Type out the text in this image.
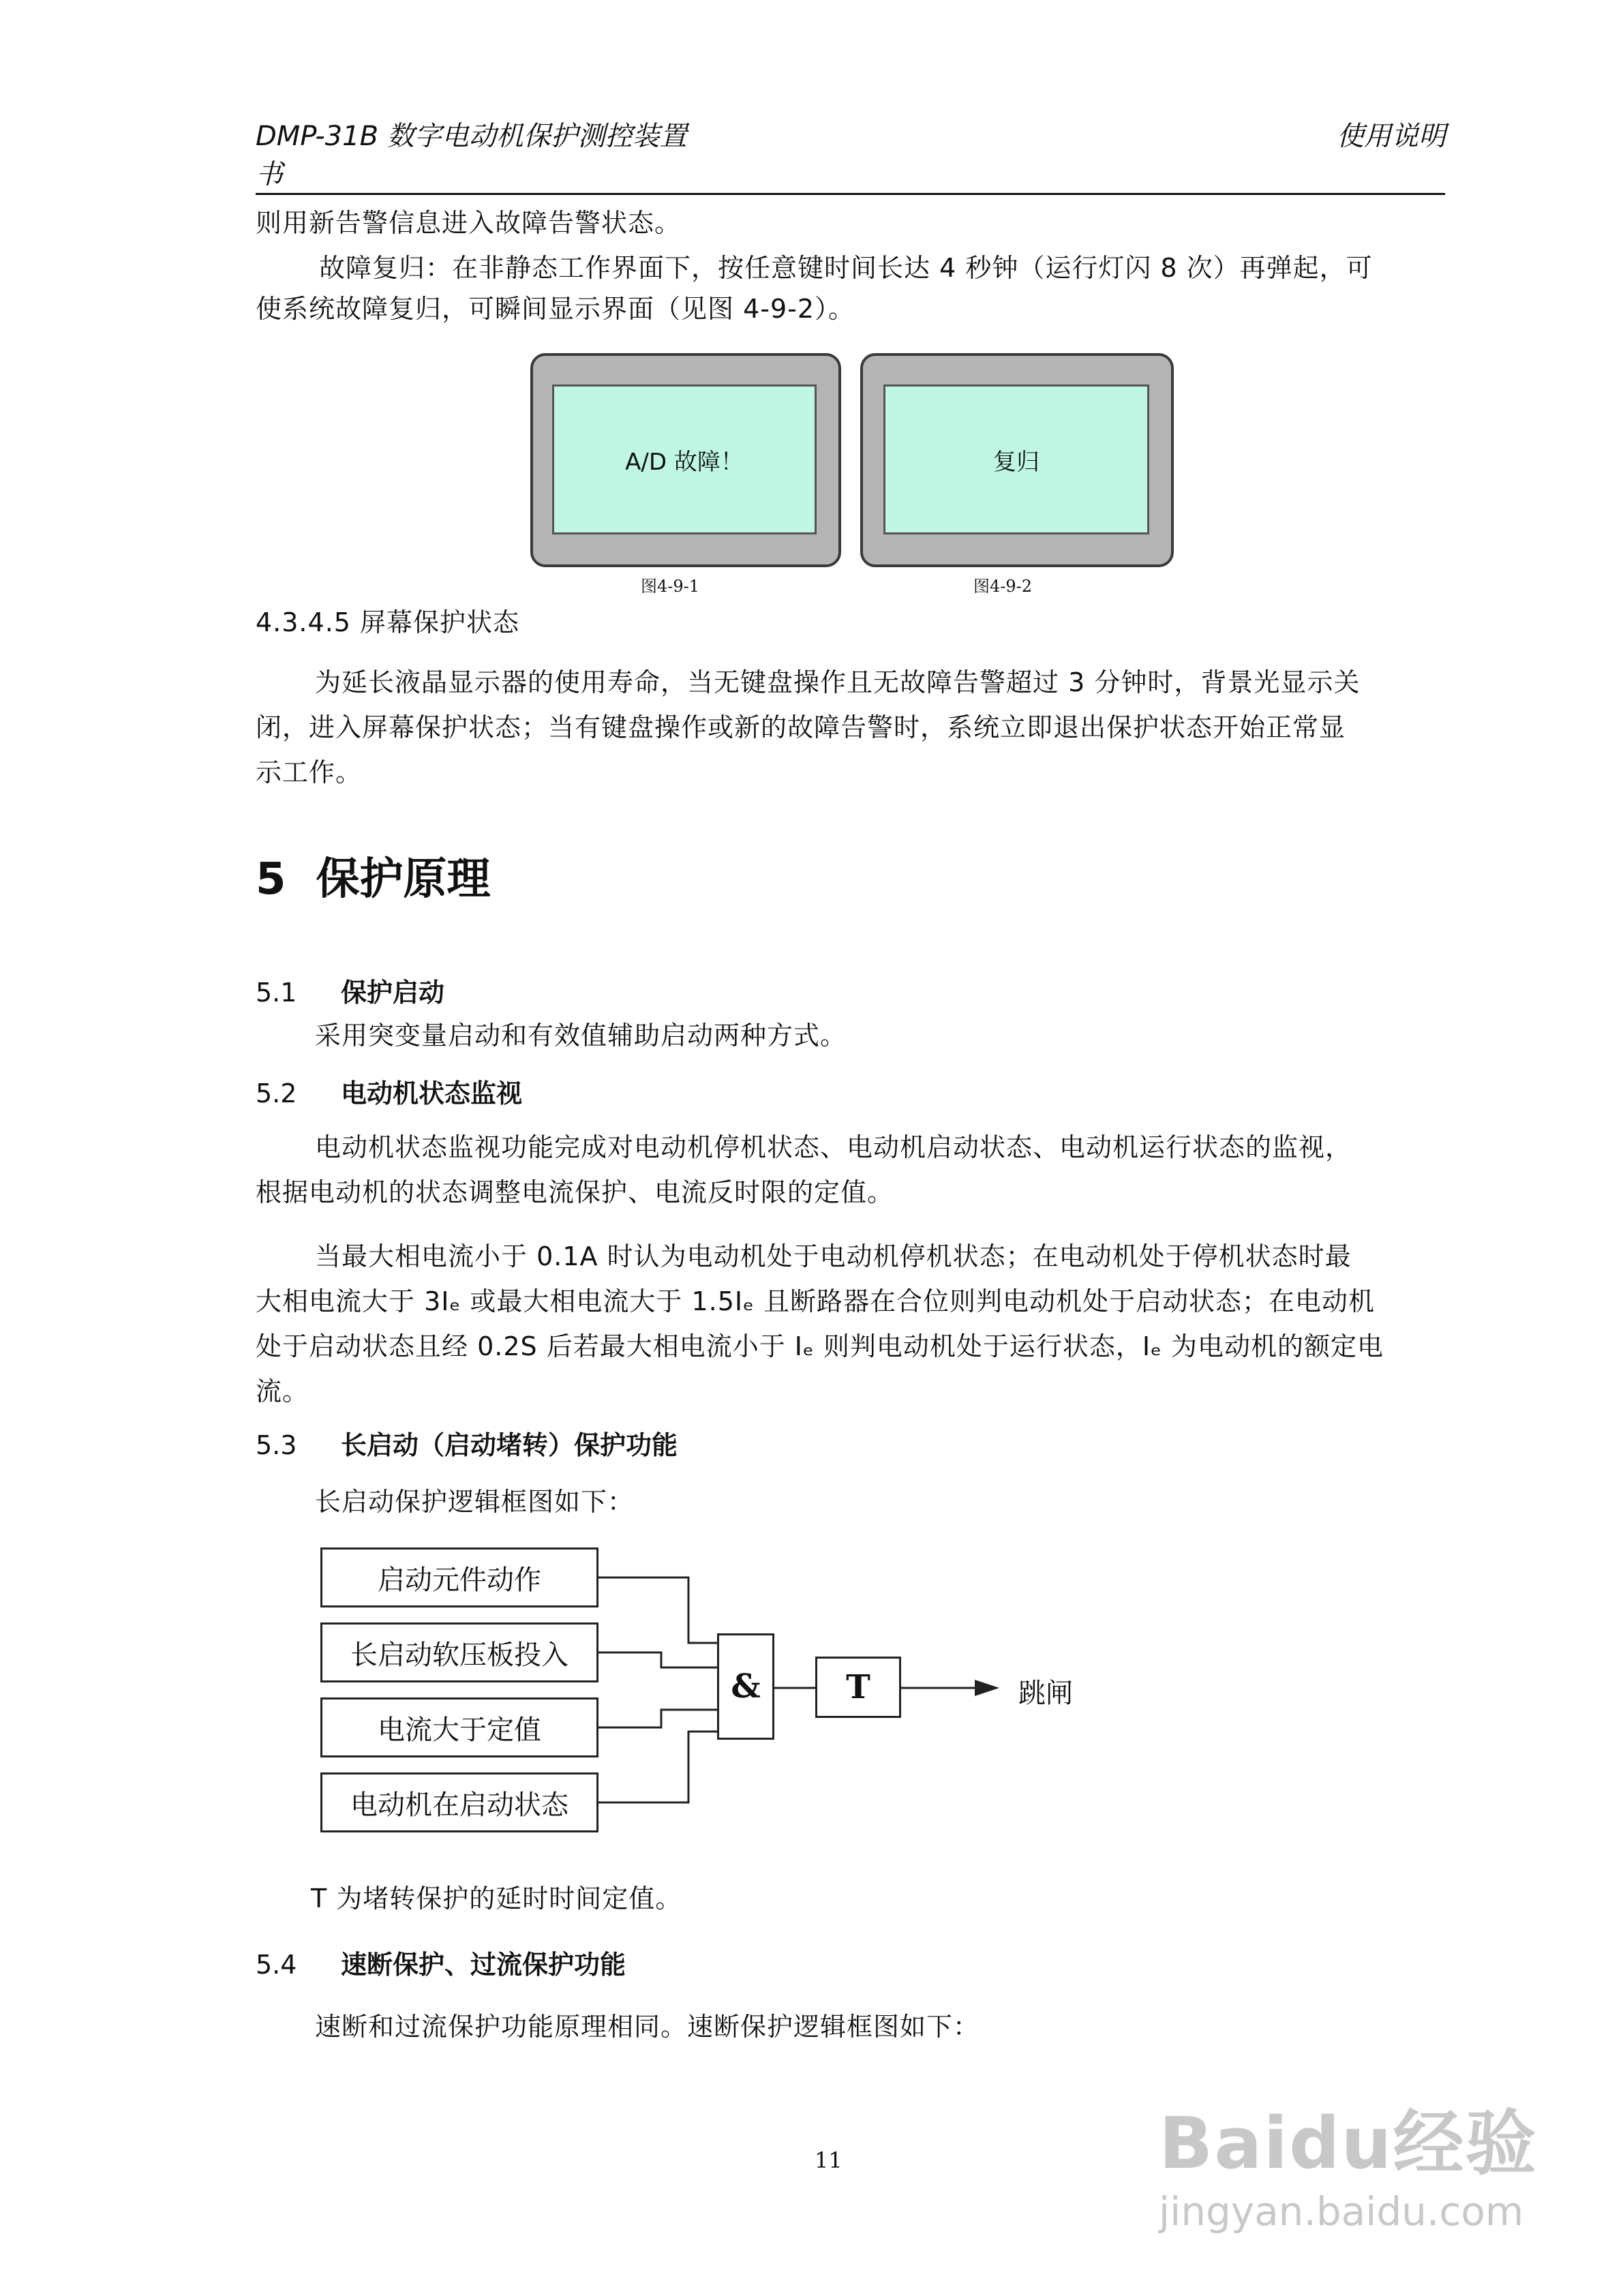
DMP-31B 数字电动机保护测控装置
书
使用说明
则用新告警信息进入故障告警状态。
故障复归：在非静态工作界面下，按任意键时间长达 4 秒钟（运行灯闪 8 次）再弹起，可
使系统故障复归，可瞬间显示界面（见图 4-9-2）。
A/D 故障！
图4-9-1
复归
图4-9-2
4.3.4.5 屏幕保护状态
为延长液晶显示器的使用寿命，当无键盘操作且无故障告警超过 3 分钟时，背景光显示关
闭，进入屏幕保护状态；当有键盘操作或新的故障告警时，系统立即退出保护状态开始正常显
示工作。
5 保护原理
5.1 保护启动
采用突变量启动和有效值辅助启动两种方式。
5.2 电动机状态监视
电动机状态监视功能完成对电动机停机状态、电动机启动状态、电动机运行状态的监视，
根据电动机的状态调整电流保护、电流反时限的定值。
当最大相电流小于 0.1A 时认为电动机处于电动机停机状态；在电动机处于停机状态时最
大相电流大于 3Iₑ 或最大相电流大于 1.5Iₑ 且断路器在合位则判电动机处于启动状态；在电动机
处于启动状态且经 0.2S 后若最大相电流小于 Iₑ 则判电动机处于运行状态，Iₑ 为电动机的额定电
流。
5.3 长启动（启动堵转）保护功能
长启动保护逻辑框图如下：
启动元件动作
长启动软压板投入
电流大于定值
电动机在启动状态
&	T	跳闸
T 为堵转保护的延时时间定值。
5.4 速断保护、过流保护功能
速断和过流保护功能原理相同。速断保护逻辑框图如下：
11	Baidu经验
jingyan.baidu.com
